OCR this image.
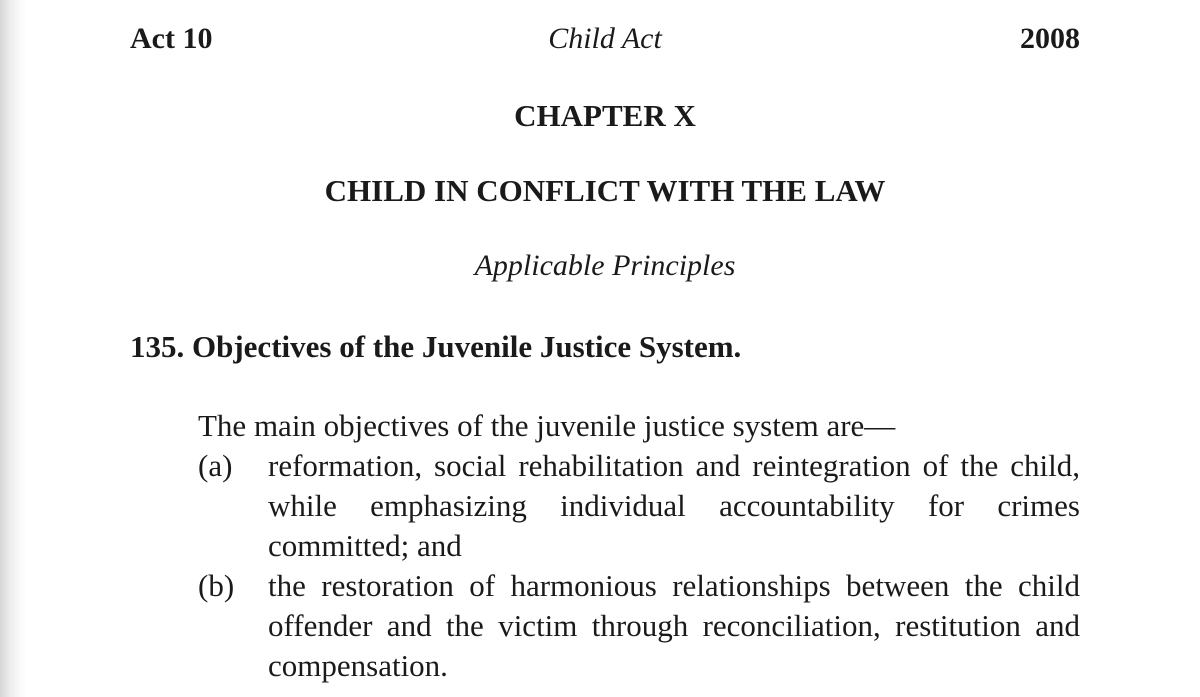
Act 10	Child Act	2008
CHAPTER X
CHILD IN CONFLICT WITH THE LAW
Applicable Principles
135. Objectives of the Juvenile Justice System.

The main objectives of the juvenile justice system are—

(a) reformation, social rehabilitation and reintegration of the child, while emphasizing individual accountability for crimes committed; and
(b) the restoration of harmonious relationships between the child offender and the victim through reconciliation, restitution and compensation.
